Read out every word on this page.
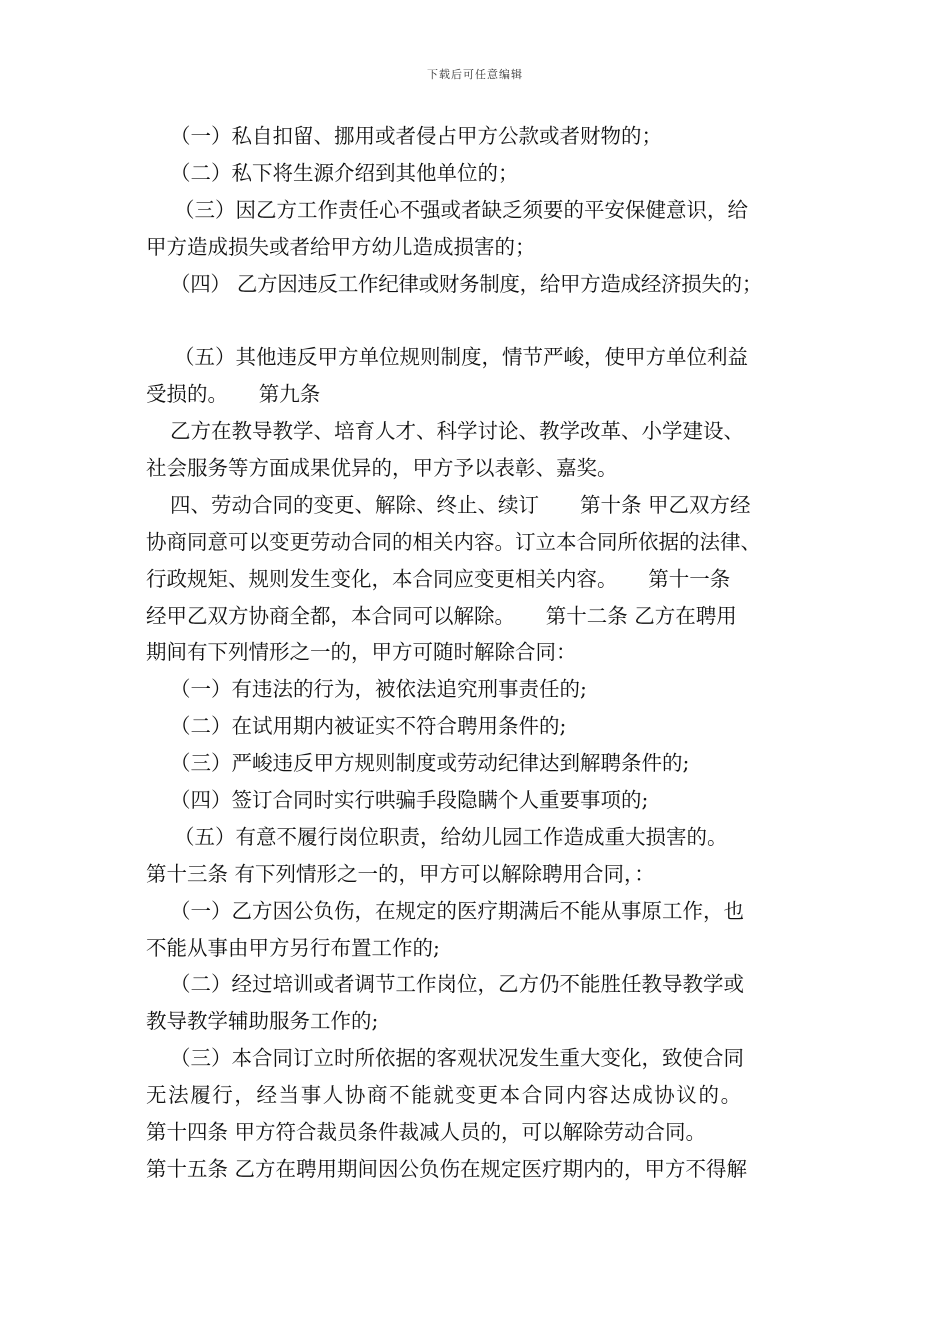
下载后可任意编辑
（一）私自扣留、挪用或者侵占甲方公款或者财物的；
（二）私下将生源介绍到其他单位的；
（三）因乙方工作责任心不强或者缺乏须要的平安保健意识，给
甲方造成损失或者给甲方幼儿造成损害的；
（四） 乙方因违反工作纪律或财务制度，给甲方造成经济损失的；
（五）其他违反甲方单位规则制度，情节严峻，使甲方单位利益
受损的。　　第九条
乙方在教导教学、培育人才、科学讨论、教学改革、小学建设、
社会服务等方面成果优异的，甲方予以表彰、嘉奖。
四、劳动合同的变更、解除、终止、续订　　第十条 甲乙双方经
协商同意可以变更劳动合同的相关内容。订立本合同所依据的法律、
行政规矩、规则发生变化，本合同应变更相关内容。　　第十一条
经甲乙双方协商全都，本合同可以解除。　　第十二条 乙方在聘用
期间有下列情形之一的，甲方可随时解除合同：
（一）有违法的行为，被依法追究刑事责任的;
（二）在试用期内被证实不符合聘用条件的;
（三）严峻违反甲方规则制度或劳动纪律达到解聘条件的;
（四）签订合同时实行哄骗手段隐瞒个人重要事项的;
（五）有意不履行岗位职责，给幼儿园工作造成重大损害的。
第十三条 有下列情形之一的，甲方可以解除聘用合同，：
（一）乙方因公负伤，在规定的医疗期满后不能从事原工作，也
不能从事由甲方另行布置工作的;
（二）经过培训或者调节工作岗位，乙方仍不能胜任教导教学或
教导教学辅助服务工作的;
（三）本合同订立时所依据的客观状况发生重大变化，致使合同
无法履行，经当事人协商不能就变更本合同内容达成协议的。
第十四条 甲方符合裁员条件裁减人员的，可以解除劳动合同。
第十五条 乙方在聘用期间因公负伤在规定医疗期内的，甲方不得解
